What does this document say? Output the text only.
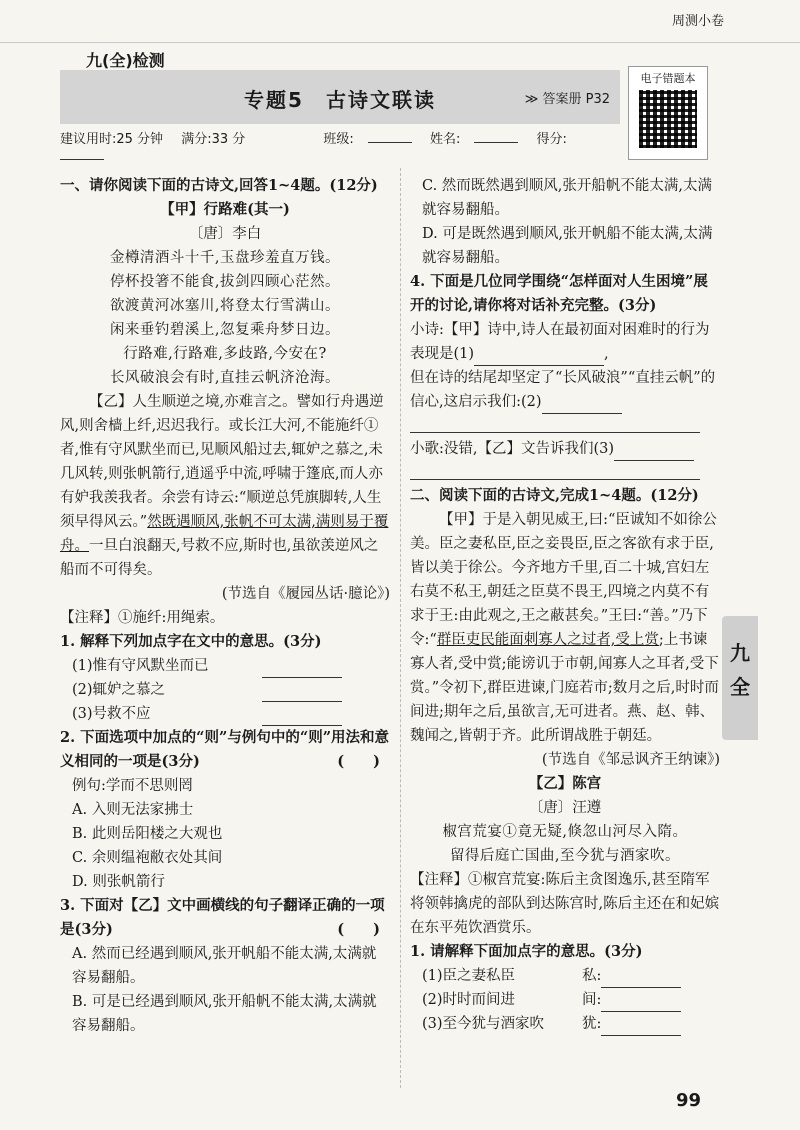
周测小卷
九(全)检测
专题5　古诗文联读	≫ 答案册 P32
电子错题本
建议用时:25 分钟 满分:33 分	班级:	姓名:	得分:

一、请你阅读下面的古诗文,回答1~4题。(12分)

【甲】行路难(其一)

〔唐〕李白

金樽清酒斗十千,玉盘珍羞直万钱。

停杯投箸不能食,拔剑四顾心茫然。

欲渡黄河冰塞川,将登太行雪满山。

闲来垂钓碧溪上,忽复乘舟梦日边。

行路难,行路难,多歧路,今安在?

长风破浪会有时,直挂云帆济沧海。

【乙】人生顺逆之境,亦难言之。譬如行舟遇逆风,则舍樯上纤,迟迟我行。或长江大河,不能施纤①者,惟有守风默坐而已,见顺风船过去,辄妒之慕之,未几风转,则张帆箭行,逍遥乎中流,呼啸于篷底,而人亦有妒我羡我者。余尝有诗云:“顺逆总凭旗脚转,人生须早得风云。”然既遇顺风,张帆不可太满,满则易于覆舟。一旦白浪翻天,号救不应,斯时也,虽欲羡逆风之船而不可得矣。

(节选自《履园丛话·臆论》)

【注释】①施纤:用绳索。

1. 解释下列加点字在文中的意思。(3分)

(1)惟有守风默坐而已

(2)辄妒之慕之

(3)号救不应

2. 下面选项中加点的“则”与例句中的“则”用法和意义相同的一项是(3分)	(　　)

例句:学而不思则罔

A. 入则无法家拂士

B. 此则岳阳楼之大观也

C. 余则缊袍敝衣处其间

D. 则张帆箭行

3. 下面对【乙】文中画横线的句子翻译正确的一项是(3分)	(　　)

A. 然而已经遇到顺风,张开帆船不能太满,太满就容易翻船。

B. 可是已经遇到顺风,张开船帆不能太满,太满就容易翻船。

C. 然而既然遇到顺风,张开船帆不能太满,太满就容易翻船。

D. 可是既然遇到顺风,张开帆船不能太满,太满就容易翻船。

4. 下面是几位同学围绕“怎样面对人生困境”展开的讨论,请你将对话补充完整。(3分)

小诗:【甲】诗中,诗人在最初面对困难时的行为表现是(1)	,

但在诗的结尾却坚定了“长风破浪”“直挂云帆”的信心,这启示我们:(2)

小歌:没错,【乙】文告诉我们(3)

二、阅读下面的古诗文,完成1~4题。(12分)

【甲】于是入朝见威王,曰:“臣诚知不如徐公美。臣之妻私臣,臣之妾畏臣,臣之客欲有求于臣,皆以美于徐公。今齐地方千里,百二十城,宫妇左右莫不私王,朝廷之臣莫不畏王,四境之内莫不有求于王:由此观之,王之蔽甚矣。”王曰:“善。”乃下令:“群臣吏民能面刺寡人之过者,受上赏;上书谏寡人者,受中赏;能谤讥于市朝,闻寡人之耳者,受下赏。”令初下,群臣进谏,门庭若市;数月之后,时时而间进;期年之后,虽欲言,无可进者。燕、赵、韩、魏闻之,皆朝于齐。此所谓战胜于朝廷。

(节选自《邹忌讽齐王纳谏》)

【乙】陈宫

〔唐〕汪遵

椒宫荒宴①竟无疑,倏忽山河尽入隋。

留得后庭亡国曲,至今犹与酒家吹。

【注释】①椒宫荒宴:陈后主贪图逸乐,甚至隋军将领韩擒虎的部队到达陈宫时,陈后主还在和妃嫔在东平苑饮酒赏乐。

1. 请解释下面加点字的意思。(3分)

(1)臣之妻私臣	私:

(2)时时而间进	间:

(3)至今犹与酒家吹	犹:

九
全
99
